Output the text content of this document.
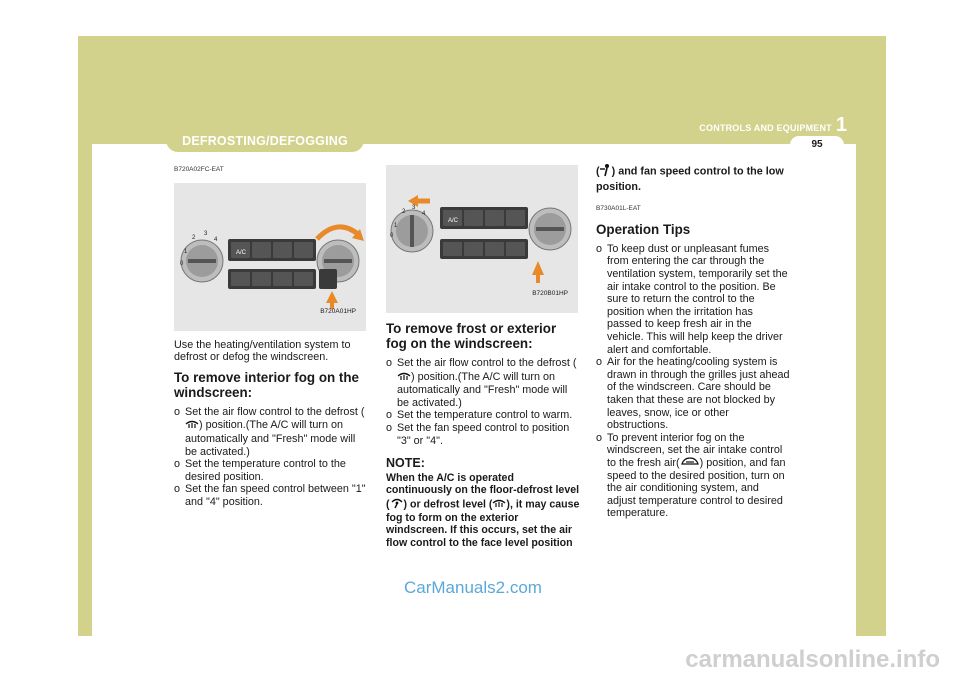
CONTROLS AND EQUIPMENT 1
95
DEFROSTING/DEFOGGING
B720A02FC-EAT
A/C
1
2
3
4
0
B720A01HP

Use the heating/ventilation system to defrost or defog the windscreen.

To remove interior fog on the windscreen:
o Set the air flow control to the defrost () position.(The A/C will turn on automatically and "Fresh" mode will be activated.)
o Set the temperature control to the desired position.
o Set the fan speed control between "1" and "4" position.
A/C
1
2
3
4
0
B720B01HP
To remove frost or exterior fog on the windscreen:
o Set the air flow control to the defrost () position.(The A/C will turn on automatically and "Fresh" mode will be activated.)
o Set the temperature control to warm.
o Set the fan speed control to position "3" or "4".
NOTE:
When the A/C is operated continuously on the floor-defrost level ( ) or defrost level ( ), it may cause fog to form on the exterior windscreen. If this occurs, set the air flow control to the face level position

( ) and fan speed control to the low position.

B730A01L-EAT
Operation Tips
o To keep dust or unpleasant fumes from entering the car through the ventilation system, temporarily set the air intake control to the position. Be sure to return the control to the position when the irritation has passed to keep fresh air in the vehicle. This will help keep the driver alert and comfortable.
o Air for the heating/cooling system is drawn in through the grilles just ahead of the windscreen. Care should be taken that these are not blocked by leaves, snow, ice or other obstructions.
o To prevent interior fog on the windscreen, set the air intake control to the fresh air( ) position, and fan speed to the desired position, turn on the air conditioning system, and adjust temperature control to desired temperature.
CarManuals2.com
carmanualsonline.info
